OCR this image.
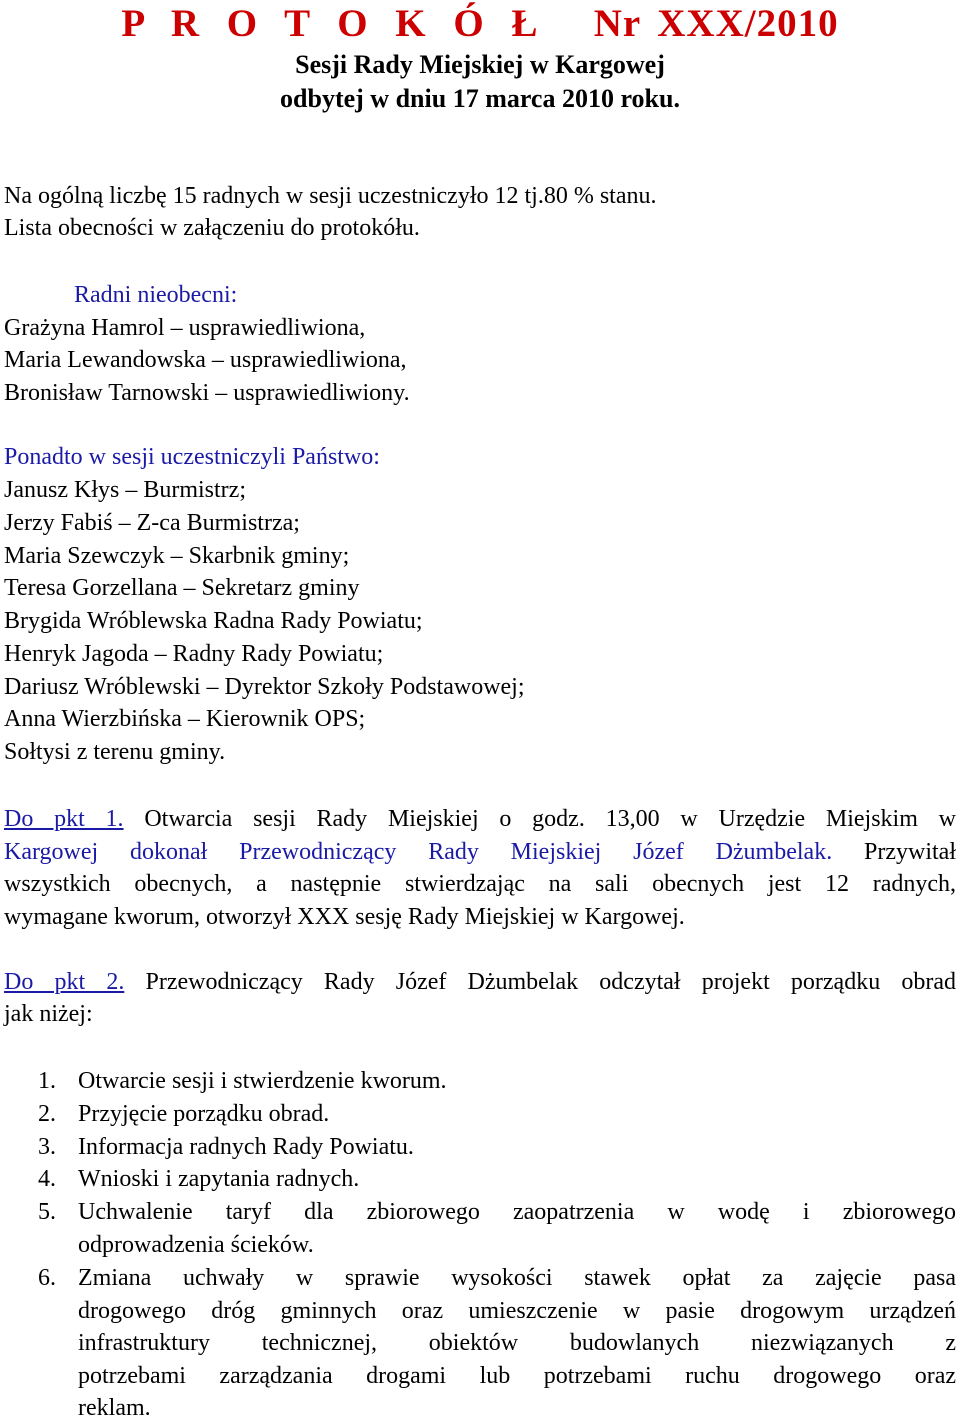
P R O T O K Ó Ł Nr XXX/2010
Sesji Rady Miejskiej w Kargowej
odbytej w dniu 17 marca 2010 roku.
Na ogólną liczbę 15 radnych w sesji uczestniczyło 12 tj.80 % stanu.
Lista obecności w załączeniu do protokółu.
Radni nieobecni:
Grażyna Hamrol – usprawiedliwiona,
Maria Lewandowska – usprawiedliwiona,
Bronisław Tarnowski – usprawiedliwiony.
Ponadto w sesji uczestniczyli Państwo:
Janusz Kłys – Burmistrz;
Jerzy Fabiś – Z-ca Burmistrza;
Maria Szewczyk – Skarbnik gminy;
Teresa Gorzellana – Sekretarz gminy
Brygida Wróblewska Radna Rady Powiatu;
Henryk Jagoda – Radny Rady Powiatu;
Dariusz Wróblewski – Dyrektor Szkoły Podstawowej;
Anna Wierzbińska – Kierownik OPS;
Sołtysi z terenu gminy.
Do pkt 1. Otwarcia sesji Rady Miejskiej o godz. 13,00 w Urzędzie Miejskim w
Kargowej dokonał Przewodniczący Rady Miejskiej Józef Dżumbelak. Przywitał
wszystkich obecnych, a następnie stwierdzając na sali obecnych jest 12 radnych,
wymagane kworum, otworzył XXX sesję Rady Miejskiej w Kargowej.
Do pkt 2. Przewodniczący Rady Józef Dżumbelak odczytał projekt porządku obrad
jak niżej:
1. Otwarcie sesji i stwierdzenie kworum.
2. Przyjęcie porządku obrad.
3. Informacja radnych Rady Powiatu.
4. Wnioski i zapytania radnych.
5. Uchwalenie taryf dla zbiorowego zaopatrzenia w wodę i zbiorowego
odprowadzenia ścieków.
6. Zmiana uchwały w sprawie wysokości stawek opłat za zajęcie pasa
drogowego dróg gminnych oraz umieszczenie w pasie drogowym urządzeń
infrastruktury technicznej, obiektów budowlanych niezwiązanych z
potrzebami zarządzania drogami lub potrzebami ruchu drogowego oraz
reklam.
